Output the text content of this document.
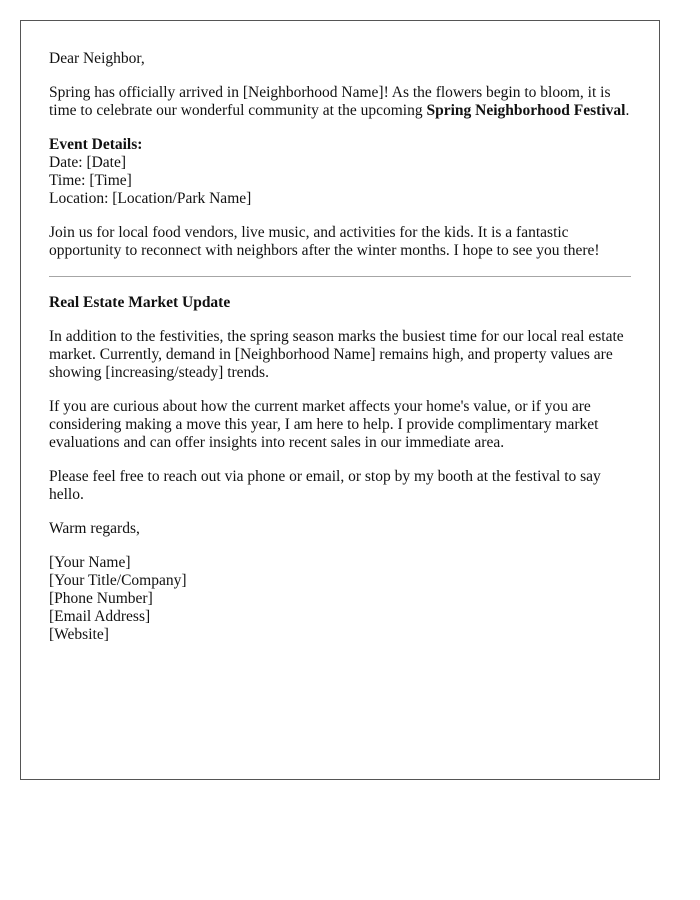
Dear Neighbor,

Spring has officially arrived in [Neighborhood Name]! As the flowers begin to bloom, it is time to celebrate our wonderful community at the upcoming Spring Neighborhood Festival.

Event Details:
Date: [Date]
Time: [Time]
Location: [Location/Park Name]

Join us for local food vendors, live music, and activities for the kids. It is a fantastic opportunity to reconnect with neighbors after the winter months. I hope to see you there!

Real Estate Market Update

In addition to the festivities, the spring season marks the busiest time for our local real estate market. Currently, demand in [Neighborhood Name] remains high, and property values are showing [increasing/steady] trends.

If you are curious about how the current market affects your home's value, or if you are considering making a move this year, I am here to help. I provide complimentary market evaluations and can offer insights into recent sales in our immediate area.

Please feel free to reach out via phone or email, or stop by my booth at the festival to say hello.

Warm regards,

[Your Name]
[Your Title/Company]
[Phone Number]
[Email Address]
[Website]
